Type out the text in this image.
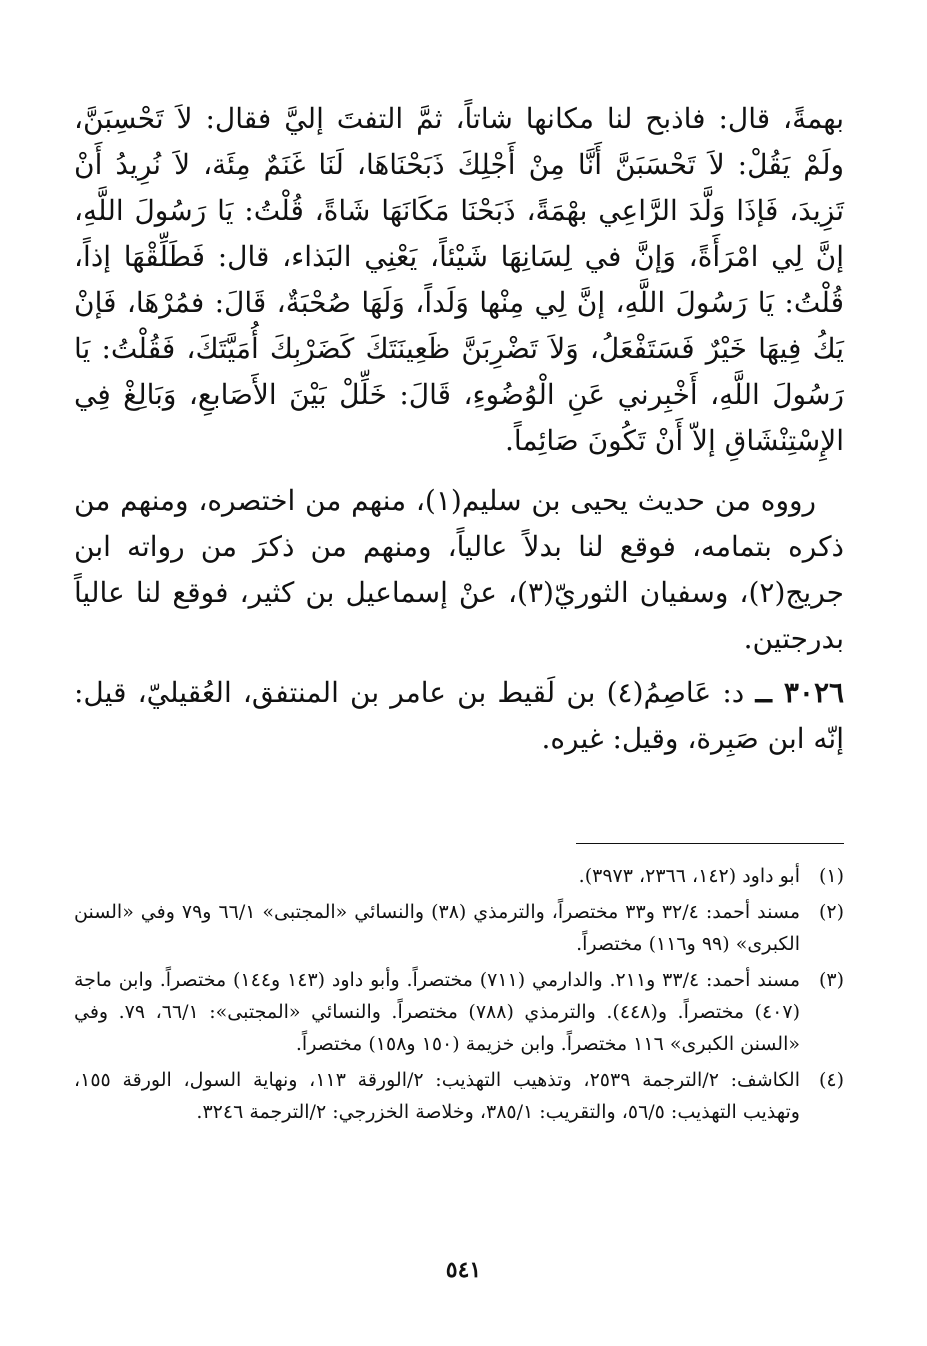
بهمةً، قال: فاذبح لنا مكانها شاتاً، ثمَّ التفتَ إليَّ فقال: لاَ تَحْسِبَنَّ، ولَمْ يَقُلْ: لاَ تَحْسَبَنَّ أَنَّا مِنْ أَجْلِكَ ذَبَحْنَاهَا، لَنَا غَنَمٌ مِئَة، لاَ نُرِيدُ أَنْ تَزِيدَ، فَإذَا وَلَّدَ الرَّاعِي بهْمَةً، ذَبَحْنَا مَكَانَهَا شَاةً، قُلْتُ: يَا رَسُولَ اللَّهِ، إنَّ لِي امْرَأَةً، وَإنَّ في لِسَانِهَا شَيْئاً، يَعْنِي البَذاء، قال: فَطَلِّقْهَا إذاً، قُلْتُ: يَا رَسُولَ اللَّهِ، إنَّ لِي مِنْها وَلَداً، وَلَهَا صُحْبَةٌ، قَالَ: فمُرْهَا، فَإنْ يَكُ فِيهَا خَيْرٌ فَسَتَفْعَلُ، وَلاَ تَضْرِبَنَّ ظَعِينَتَكَ كَضَرْبِكَ أُمَيَّتَكَ، فَقُلْتُ: يَا رَسُولَ اللَّهِ، أَخْبِرني عَنِ الْوُضُوءِ، قَالَ: خَلِّلْ بَيْنَ الأَصَابعِ، وَبَالِغْ فِي الإِسْتِنْشَاقِ إلاّ أَنْ تَكُونَ صَائِماً.

رووه من حديث يحيى بن سليم(١)، منهم من اختصره، ومنهم من ذكره بتمامه، فوقع لنا بدلاً عالياً، ومنهم من ذكرَ من رواته ابن جريج(٢)، وسفيان الثوريّ(٣)، عنْ إسماعيل بن كثير، فوقع لنا عالياً بدرجتين.

٣٠٢٦ ــ د: عَاصِمُ(٤) بن لَقيط بن عامر بن المنتفق، العُقيليّ، قيل: إنّه ابن صَبِرة، وقيل: غيره.

(١)
أبو داود (١٤٢، ٢٣٦٦، ٣٩٧٣).
(٢)
مسند أحمد: ٣٢/٤ و٣٣ مختصراً، والترمذي (٣٨) والنسائي «المجتبى» ٦٦/١ و٧٩ وفي «السنن الكبرى» (٩٩ و١١٦) مختصراً.
(٣)
مسند أحمد: ٣٣/٤ و٢١١. والدارمي (٧١١) مختصراً. وأبو داود (١٤٣ و١٤٤) مختصراً. وابن ماجة (٤٠٧) مختصراً. و(٤٤٨). والترمذي (٧٨٨) مختصراً. والنسائي «المجتبى»: ٦٦/١، ٧٩. وفي «السنن الكبرى» ١١٦ مختصراً. وابن خزيمة (١٥٠ و١٥٨) مختصراً.
(٤)
الكاشف: ٢/الترجمة ٢٥٣٩، وتذهيب التهذيب: ٢/الورقة ١١٣، ونهاية السول، الورقة ١٥٥، وتهذيب التهذيب: ٥٦/٥، والتقريب: ٣٨٥/١، وخلاصة الخزرجي: ٢/الترجمة ٣٢٤٦.
٥٤١
